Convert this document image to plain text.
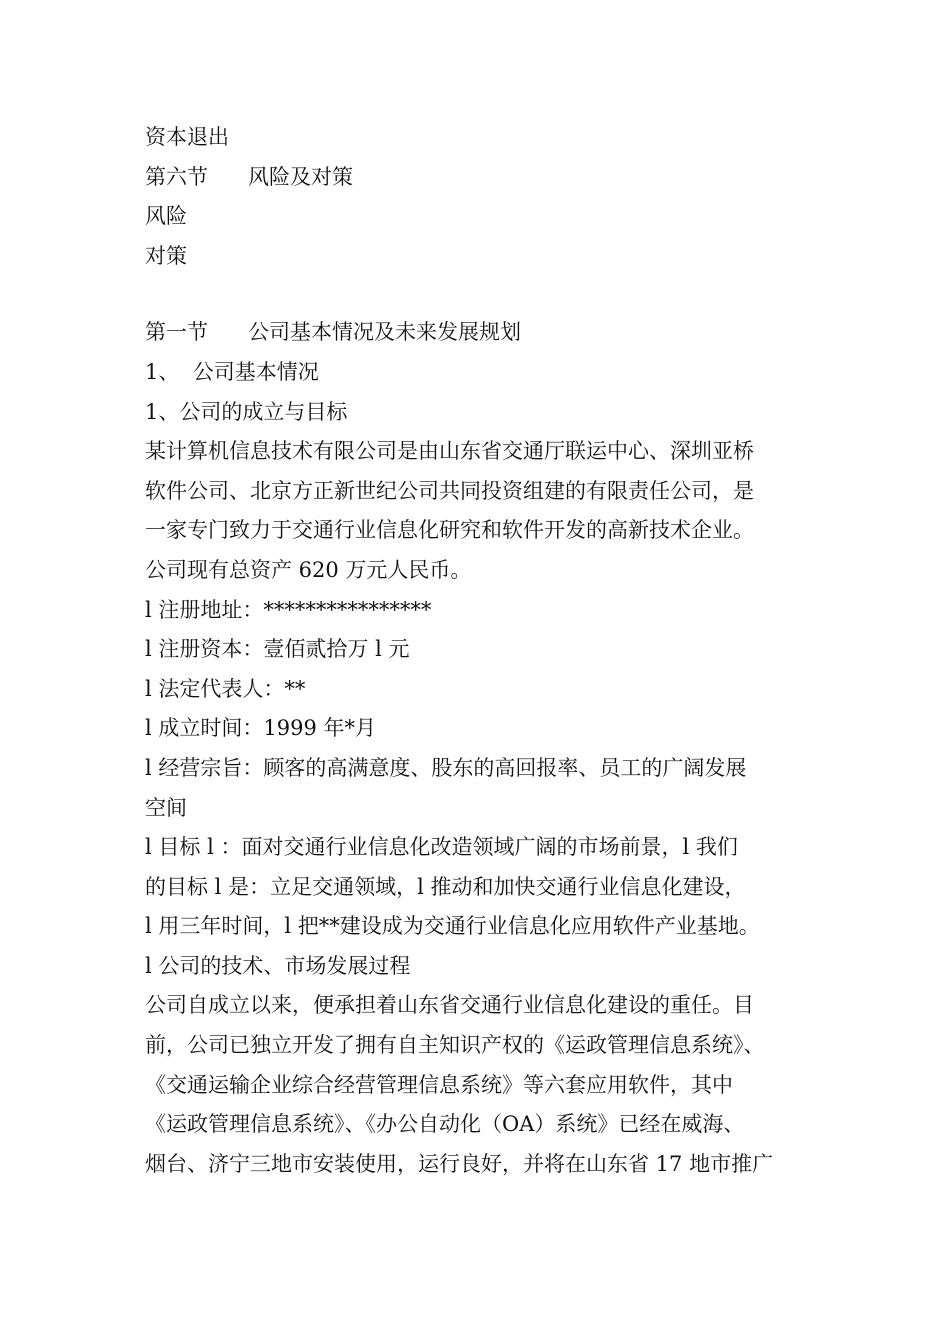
资本退出
第六节      风险及对策
风险
对策
第一节      公司基本情况及未来发展规划
1、  公司基本情况
1、公司的成立与目标
某计算机信息技术有限公司是由山东省交通厅联运中心、深圳亚桥
软件公司、北京方正新世纪公司共同投资组建的有限责任公司，是
一家专门致力于交通行业信息化研究和软件开发的高新技术企业。
公司现有总资产 620 万元人民币。
l 注册地址：****************
l 注册资本：壹佰贰拾万 l 元
l 法定代表人：**
l 成立时间：1999 年*月
l 经营宗旨：顾客的高满意度、股东的高回报率、员工的广阔发展
空间
l 目标 l ：面对交通行业信息化改造领域广阔的市场前景，l 我们
的目标 l 是：立足交通领域，l 推动和加快交通行业信息化建设，
l 用三年时间，l 把**建设成为交通行业信息化应用软件产业基地。
l 公司的技术、市场发展过程
公司自成立以来，便承担着山东省交通行业信息化建设的重任。目
前，公司已独立开发了拥有自主知识产权的《运政管理信息系统》、
《交通运输企业综合经营管理信息系统》等六套应用软件，其中
《运政管理信息系统》、《办公自动化（OA）系统》已经在威海、
烟台、济宁三地市安装使用，运行良好，并将在山东省 17 地市推广
